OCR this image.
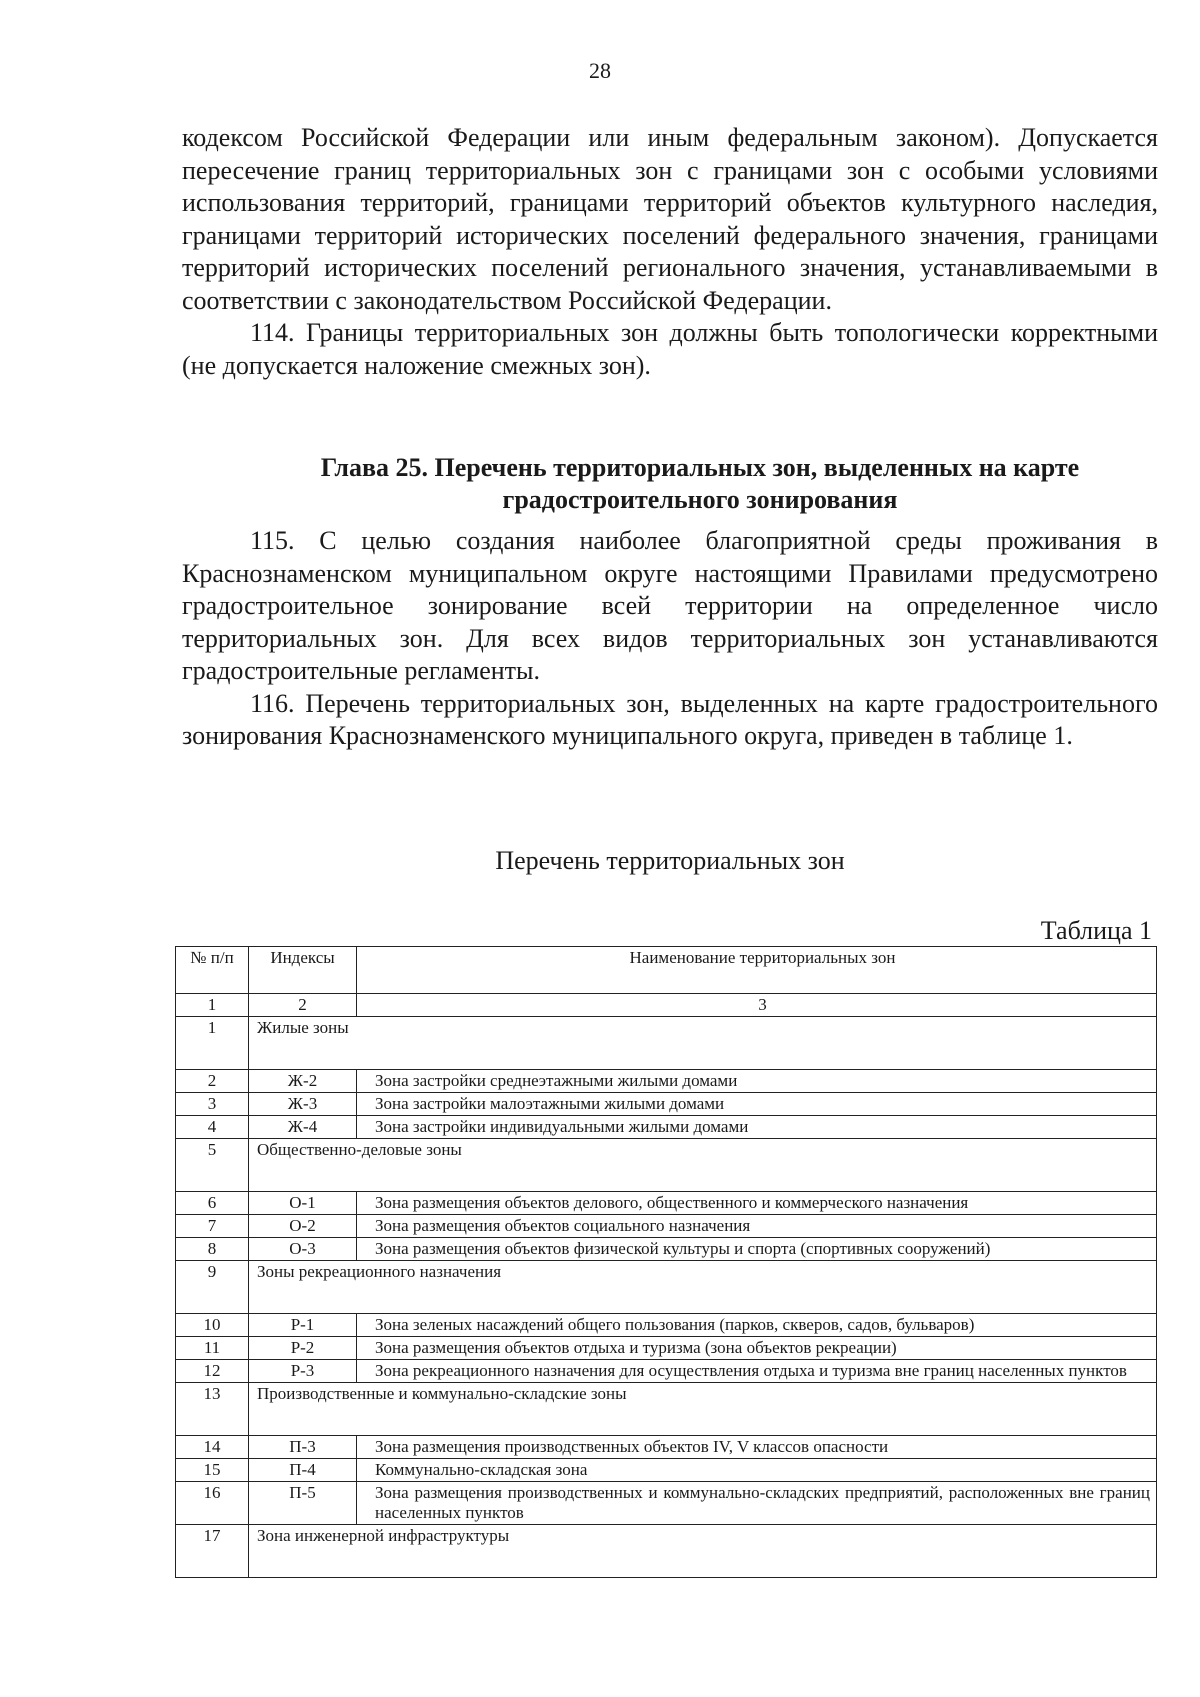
28

кодексом Российской Федерации или иным федеральным законом). Допускается пересечение границ территориальных зон с границами зон с особыми условиями использования территорий, границами территорий объектов культурного наследия, границами территорий исторических поселений федерального значения, границами территорий исторических поселений регионального значения, устанавливаемыми в соответствии с законодательством Российской Федерации.

114. Границы территориальных зон должны быть топологически корректными (не допускается наложение смежных зон).

Глава 25. Перечень территориальных зон, выделенных на карте
градостроительного зонирования

115. С целью создания наиболее благоприятной среды проживания в Краснознаменском муниципальном округе настоящими Правилами предусмотрено градостроительное зонирование всей территории на определенное число территориальных зон. Для всех видов территориальных зон устанавливаются градостроительные регламенты.

116. Перечень территориальных зон, выделенных на карте градостроительного зонирования Краснознаменского муниципального округа, приведен в таблице 1.

Перечень территориальных зон
Таблица 1
№ п/п	Индексы	Наименование территориальных зон
1	2	3
1	Жилые зоны	
2	Ж-2	Зона застройки среднеэтажными жилыми домами
3	Ж-3	Зона застройки малоэтажными жилыми домами
4	Ж-4	Зона застройки индивидуальными жилыми домами
5	Общественно-деловые зоны	
6	О-1	Зона размещения объектов делового, общественного и коммерческого назначения
7	О-2	Зона размещения объектов социального назначения
8	О-3	Зона размещения объектов физической культуры и спорта (спортивных сооружений)
9	Зоны рекреационного назначения	
10	Р-1	Зона зеленых насаждений общего пользования (парков, скверов, садов, бульваров)
11	Р-2	Зона размещения объектов отдыха и туризма (зона объектов рекреации)
12	Р-3	Зона рекреационного назначения для осуществления отдыха и туризма вне границ населенных пунктов
13	Производственные и коммунально-складские зоны	
14	П-3	Зона размещения производственных объектов IV, V классов опасности
15	П-4	Коммунально-складская зона
16	П-5	Зона размещения производственных и коммунально-складских предприятий, расположенных вне границ населенных пунктов
17	Зона инженерной инфраструктуры	
